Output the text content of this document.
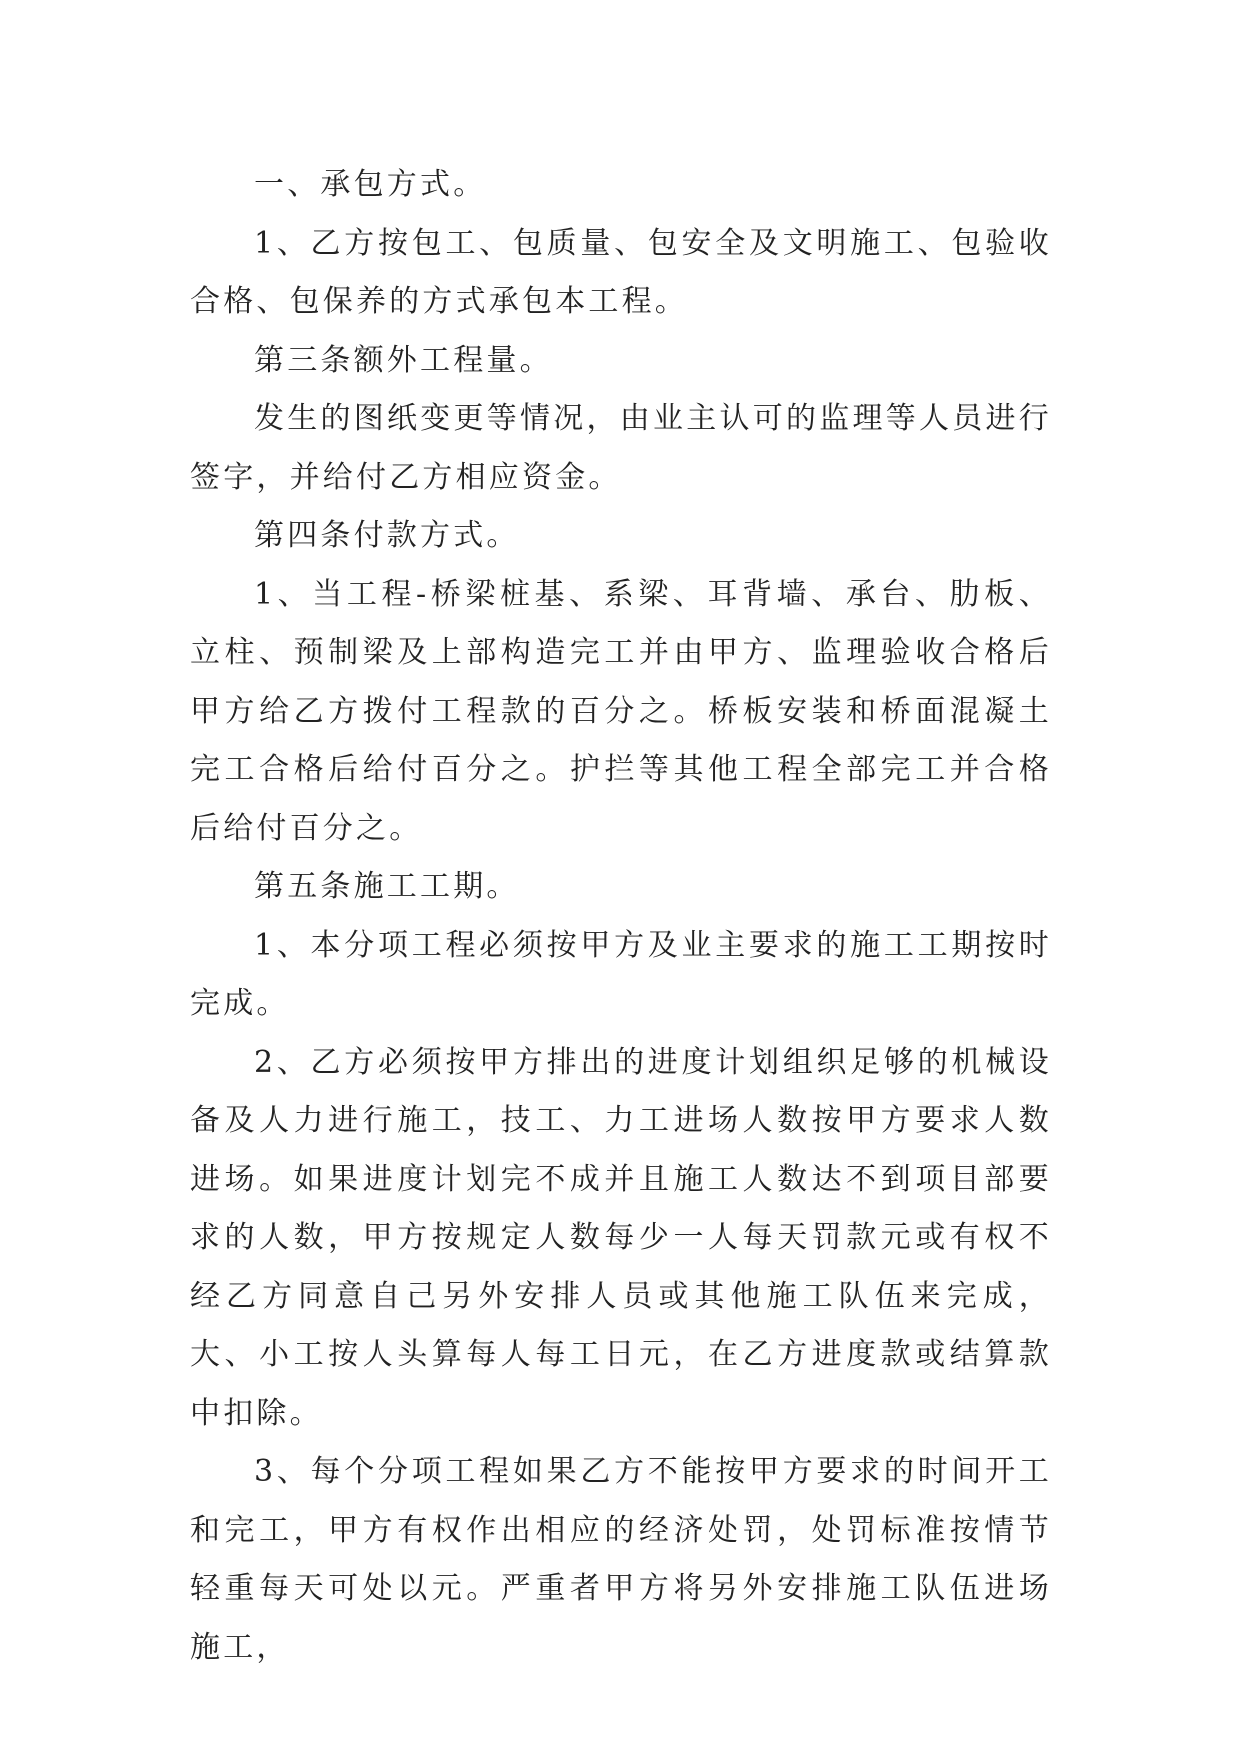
一、承包方式。

1、乙方按包工、包质量、包安全及文明施工、包验收合格、包保养的方式承包本工程。

第三条额外工程量。

发生的图纸变更等情况，由业主认可的监理等人员进行签字，并给付乙方相应资金。

第四条付款方式。

1、当工程-桥梁桩基、系梁、耳背墙、承台、肋板、立柱、预制梁及上部构造完工并由甲方、监理验收合格后甲方给乙方拨付工程款的百分之。桥板安装和桥面混凝土完工合格后给付百分之。护拦等其他工程全部完工并合格后给付百分之。

第五条施工工期。

1、本分项工程必须按甲方及业主要求的施工工期按时完成。

2、乙方必须按甲方排出的进度计划组织足够的机械设备及人力进行施工，技工、力工进场人数按甲方要求人数进场。如果进度计划完不成并且施工人数达不到项目部要求的人数，甲方按规定人数每少一人每天罚款元或有权不经乙方同意自己另外安排人员或其他施工队伍来完成，大、小工按人头算每人每工日元，在乙方进度款或结算款中扣除。

3、每个分项工程如果乙方不能按甲方要求的时间开工和完工，甲方有权作出相应的经济处罚，处罚标准按情节轻重每天可处以元。严重者甲方将另外安排施工队伍进场施工，
